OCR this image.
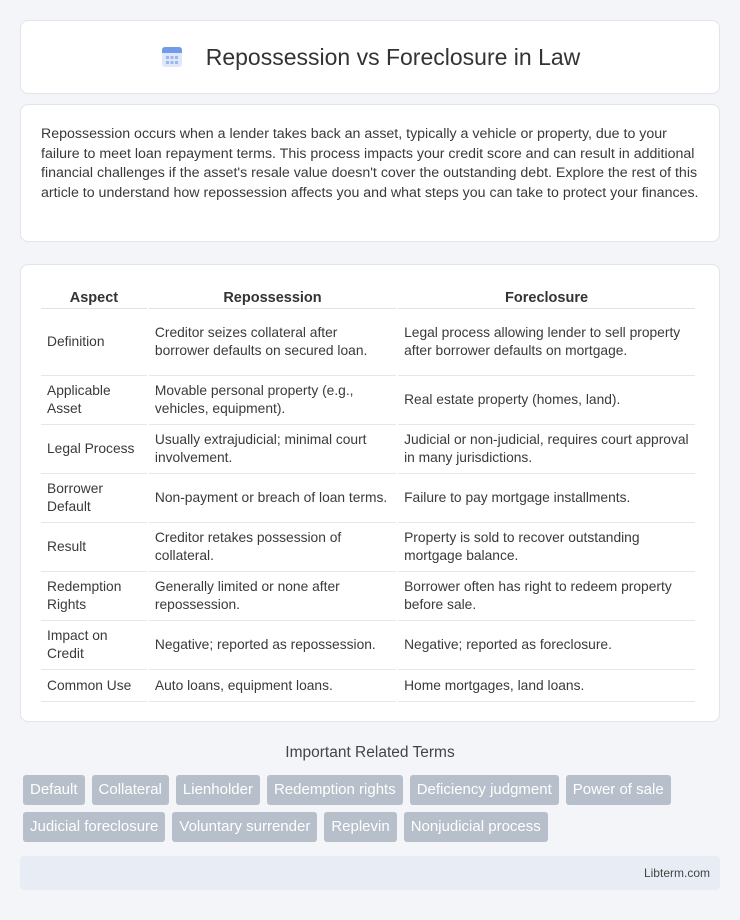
Repossession vs Foreclosure in Law

Repossession occurs when a lender takes back an asset, typically a vehicle or property, due to your failure to meet loan repayment terms. This process impacts your credit score and can result in additional financial challenges if the asset's resale value doesn't cover the outstanding debt. Explore the rest of this article to understand how repossession affects you and what steps you can take to protect your finances.

Aspect	Repossession	Foreclosure
Definition	Creditor seizes collateral after borrower defaults on secured loan.	Legal process allowing lender to sell property after borrower defaults on mortgage.
Applicable Asset	Movable personal property (e.g., vehicles, equipment).	Real estate property (homes, land).
Legal Process	Usually extrajudicial; minimal court involvement.	Judicial or non-judicial, requires court approval in many jurisdictions.
Borrower Default	Non-payment or breach of loan terms.	Failure to pay mortgage installments.
Result	Creditor retakes possession of collateral.	Property is sold to recover outstanding mortgage balance.
Redemption Rights	Generally limited or none after repossession.	Borrower often has right to redeem property before sale.
Impact on Credit	Negative; reported as repossession.	Negative; reported as foreclosure.
Common Use	Auto loans, equipment loans.	Home mortgages, land loans.
Important Related Terms
Default	Collateral	Lienholder	Redemption rights	Deficiency judgment	Power of sale
Judicial foreclosure	Voluntary surrender	Replevin	Nonjudicial process
Libterm.com
